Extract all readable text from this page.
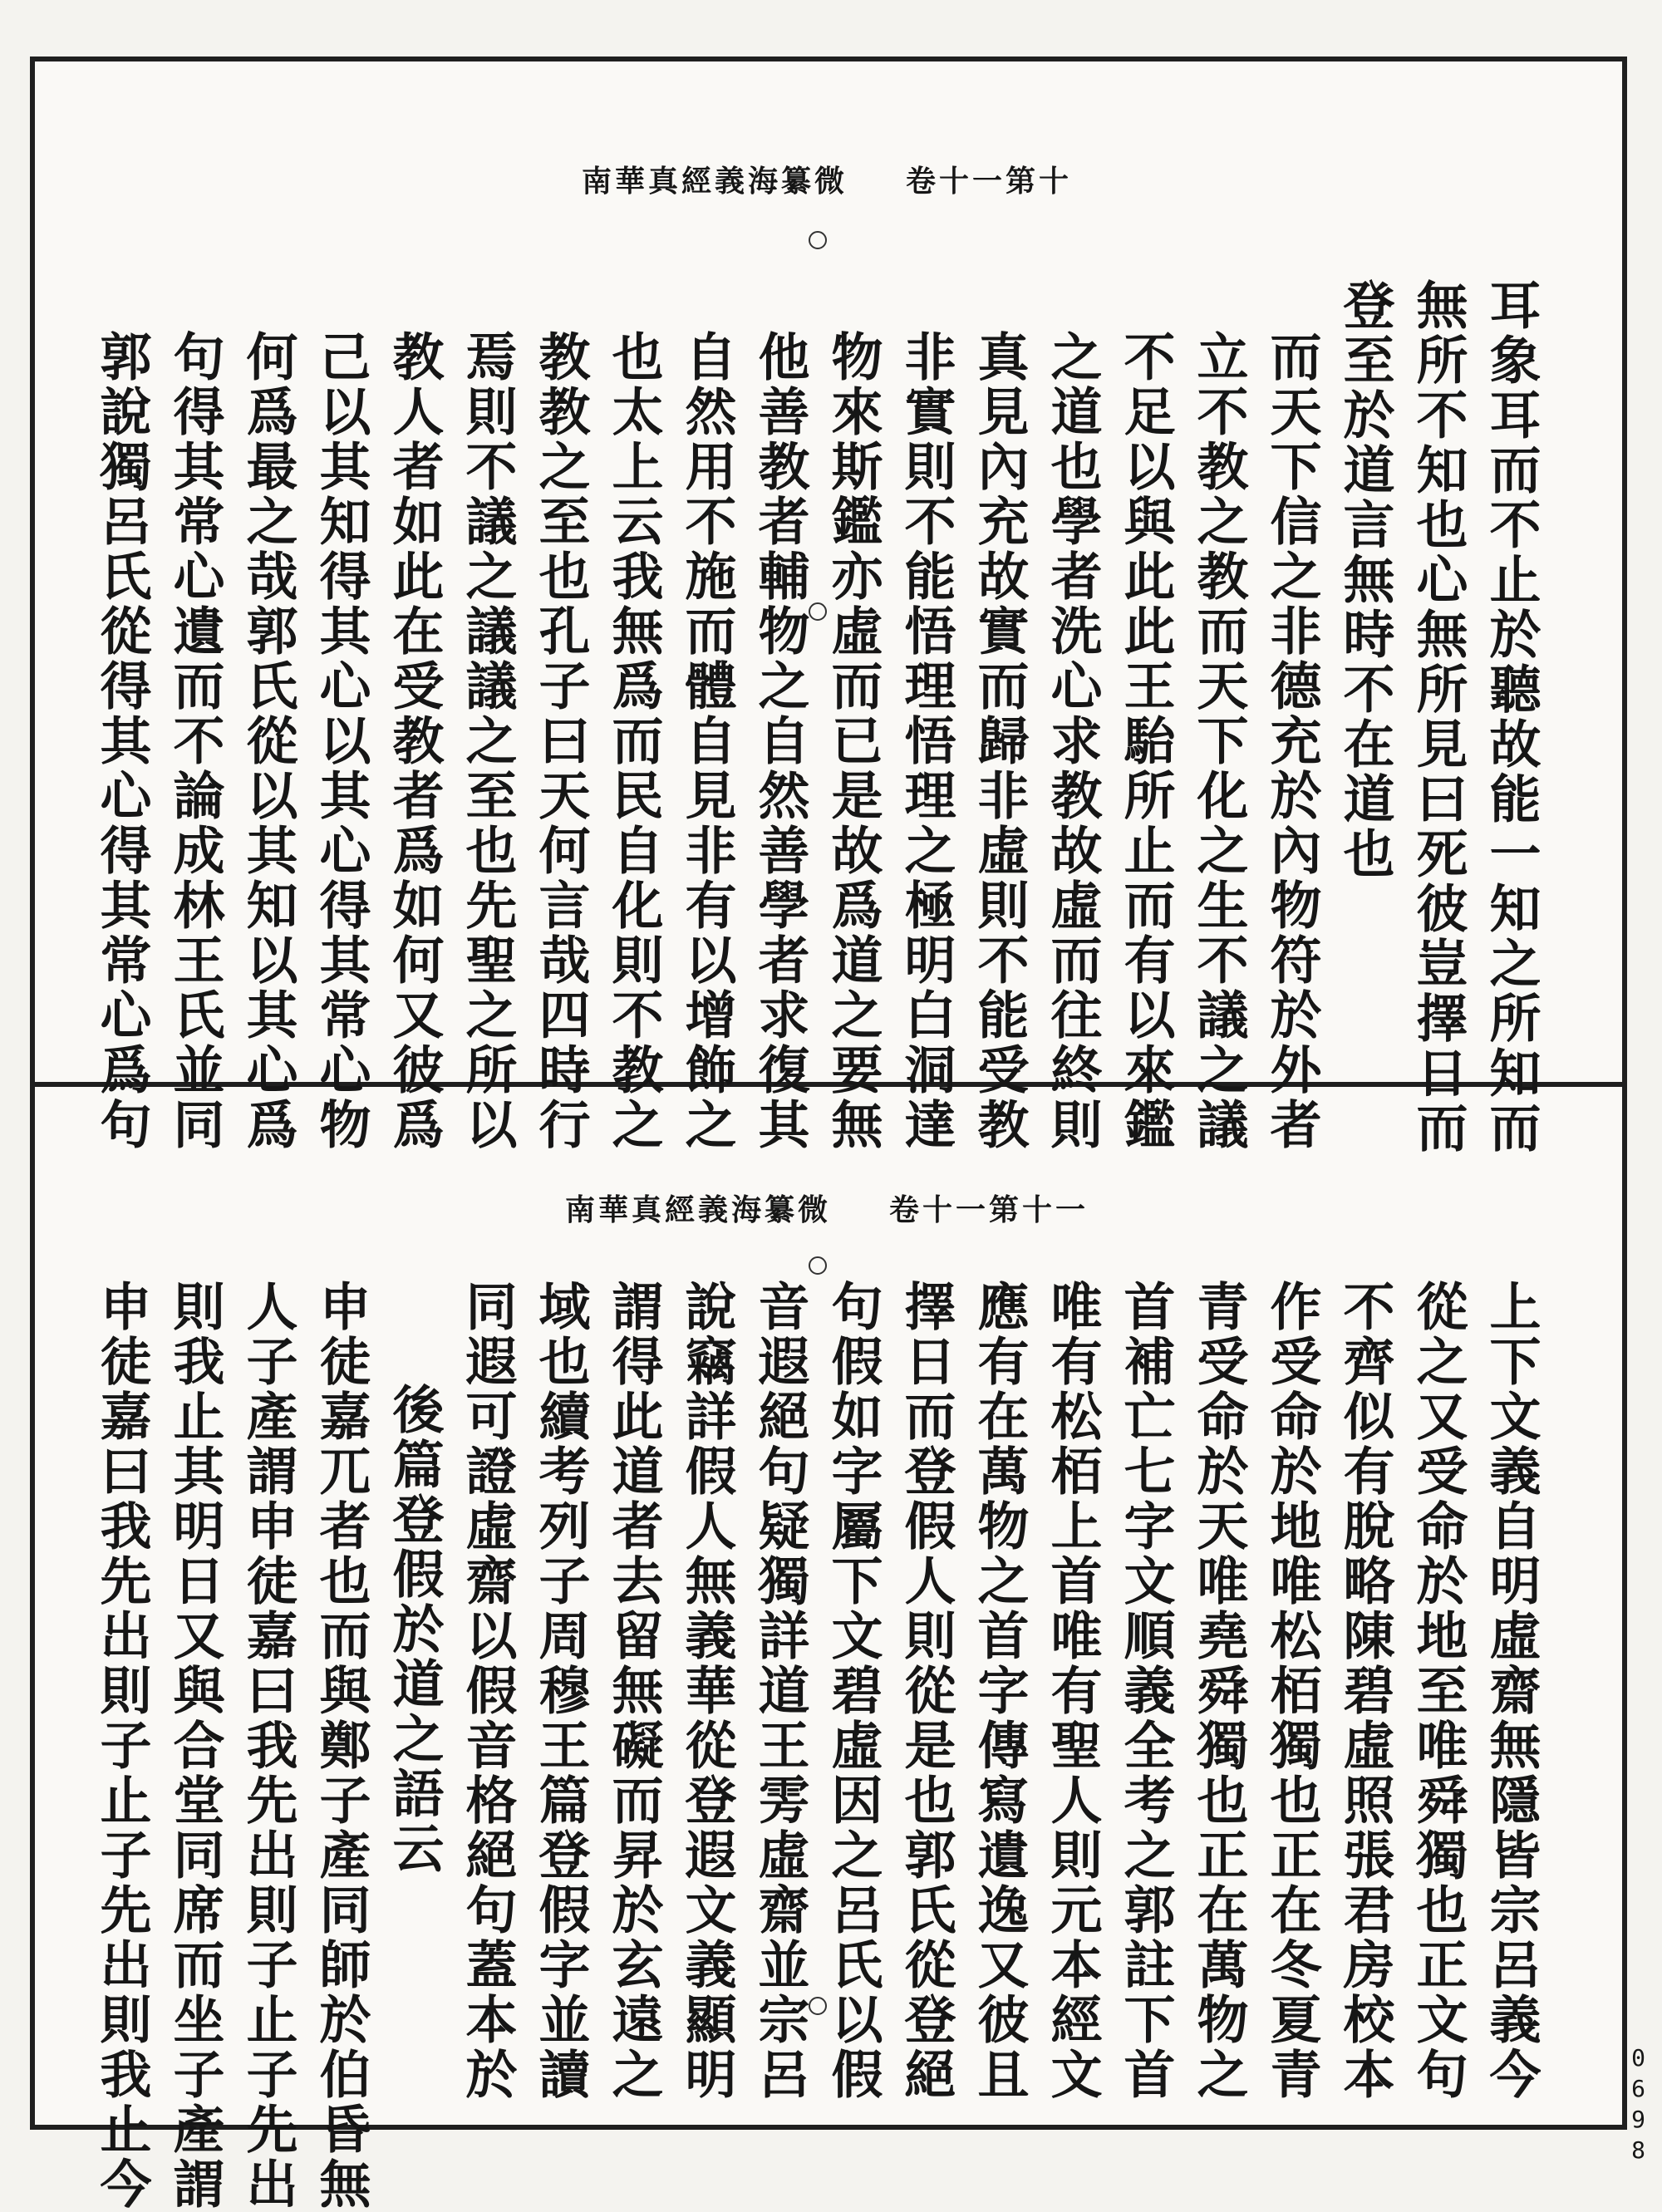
南華真經義海纂微 卷十一第十
耳象耳而不止於聽故能一知之所知而
無所不知也心無所見曰死彼豈擇日而
登至於道言無時不在道也
而天下信之非德充於內物符於外者
立不教之教而天下化之生不議之議
不足以與此此王駘所止而有以來鑑
之道也學者洗心求教故虛而往終則
真見內充故實而歸非虛則不能受教
非實則不能悟理悟理之極明白洞達
物來斯鑑亦虛而已是故爲道之要無
他善教者輔物之自然善學者求復其
自然用不施而體自見非有以增飾之
也太上云我無爲而民自化則不教之
教教之至也孔子曰天何言哉四時行
焉則不議之議議之至也先聖之所以
教人者如此在受教者爲如何又彼爲
己以其知得其心以其心得其常心物
何爲最之哉郭氏從以其知以其心爲
句得其常心遺而不論成林王氏並同
郭說獨呂氏從得其心得其常心爲句
南華真經義海纂微 卷十一第十一
上下文義自明虛齋無隱皆宗呂義今
從之又受命於地至唯舜獨也正文句
不齊似有脫略陳碧虛照張君房校本
作受命於地唯松栢獨也正在冬夏青
青受命於天唯堯舜獨也正在萬物之
首補亡七字文順義全考之郭註下首
唯有松栢上首唯有聖人則元本經文
應有在萬物之首字傳寫遺逸又彼且
擇日而登假人則從是也郭氏從登絕
句假如字屬下文碧虛因之呂氏以假
音遐絕句疑獨詳道王雱虛齋並宗呂
說竊詳假人無義華從登遐文義顯明
謂得此道者去留無礙而昇於玄遠之
域也續考列子周穆王篇登假字並讀
同遐可證虛齋以假音格絕句蓋本於
後篇登假於道之語云
申徒嘉兀者也而與鄭子產同師於伯昏無
人子產謂申徒嘉曰我先出則子止子先出
則我止其明日又與合堂同席而坐子產謂
申徒嘉曰我先出則子止子先出則我止今	0698
